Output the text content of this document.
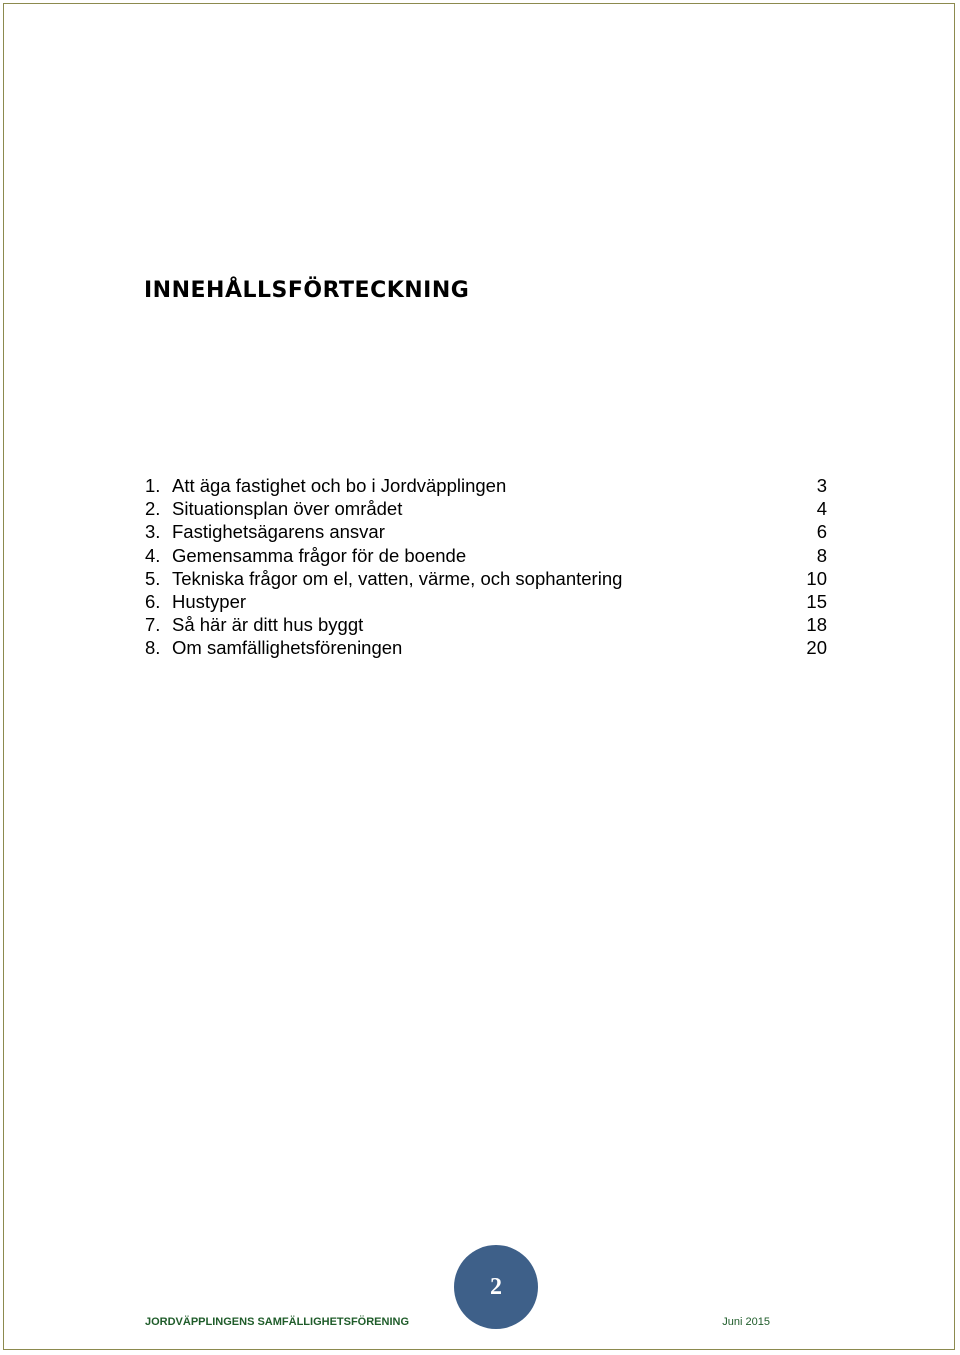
INNEHÅLLSFÖRTECKNING
1. Att äga fastighet och bo i Jordväpplingen	3
2. Situationsplan över området	4
3. Fastighetsägarens ansvar	6
4. Gemensamma frågor för de boende	8
5. Tekniska frågor om el, vatten, värme, och sophantering	10
6. Hustyper	15
7. Så här är ditt hus byggt	18
8. Om samfällighetsföreningen	20
2
JORDVÄPPLINGENS SAMFÄLLIGHETSFÖRENING	Juni 2015
